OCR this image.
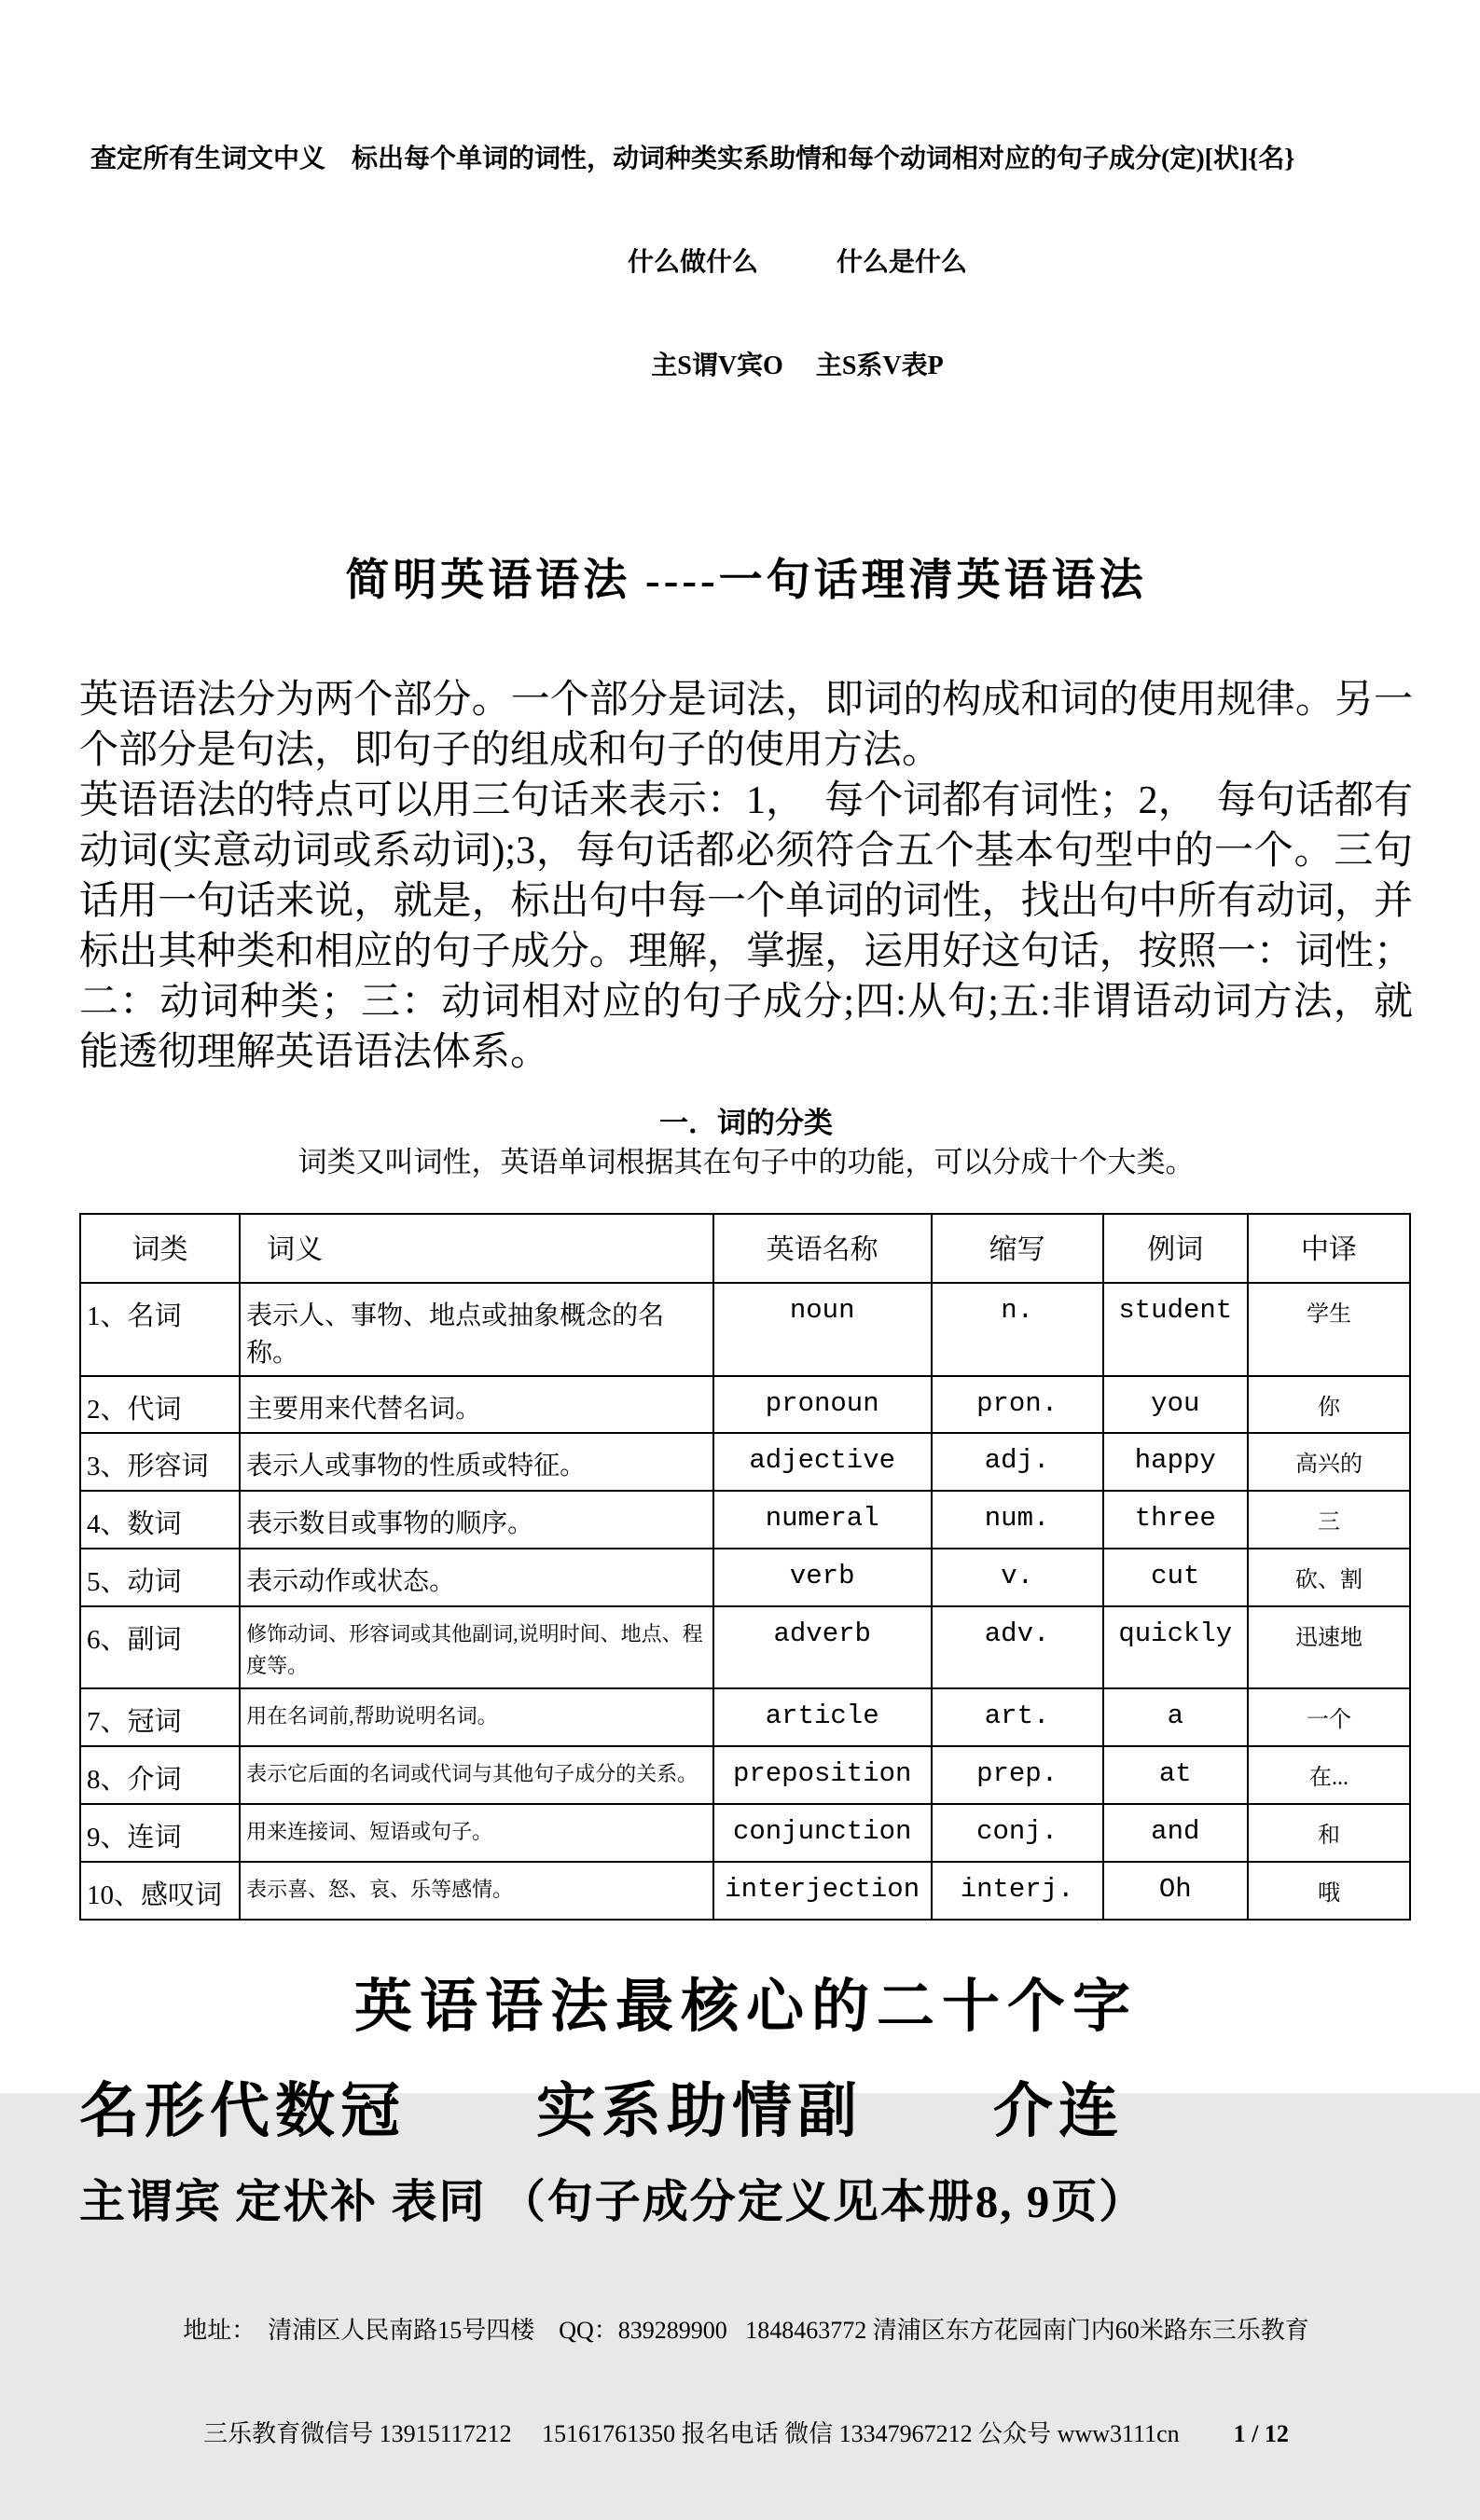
查定所有生词文中义　标出每个单词的词性，动词种类实系助情和每个动词相对应的句子成分(定)[状]{名}

什么做什么　　　什么是什么

主S谓V宾O　 主S系V表P

简明英语语法 ----一句话理清英语语法

英语语法分为两个部分。一个部分是词法，即词的构成和词的使用规律。另一个部分是句法，即句子的组成和句子的使用方法。

英语语法的特点可以用三句话来表示：1，  每个词都有词性；2，  每句话都有动词(实意动词或系动词);3，每句话都必须符合五个基本句型中的一个。三句话用一句话来说，就是，标出句中每一个单词的词性，找出句中所有动词，并标出其种类和相应的句子成分。理解，掌握，运用好这句话，按照一：词性；二：动词种类；三：动词相对应的句子成分;四:从句;五:非谓语动词方法，就能透彻理解英语语法体系。

一．词的分类
词类又叫词性，英语单词根据其在句子中的功能，可以分成十个大类。
词类	词义	英语名称	缩写	例词	中译
1、名词	表示人、事物、地点或抽象概念的名称。	noun	n.	student	学生
2、代词	主要用来代替名词。	pronoun	pron.	you	你
3、形容词	表示人或事物的性质或特征。	adjective	adj.	happy	高兴的
4、数词	表示数目或事物的顺序。	numeral	num.	three	三
5、动词	表示动作或状态。	verb	v.	cut	砍、割
6、副词	修饰动词、形容词或其他副词,说明时间、地点、程度等。	adverb	adv.	quickly	迅速地
7、冠词	用在名词前,帮助说明名词。	article	art.	a	一个
8、介词	表示它后面的名词或代词与其他句子成分的关系。	preposition	prep.	at	在...
9、连词	用来连接词、短语或句子。	conjunction	conj.	and	和
10、感叹词	表示喜、怒、哀、乐等感情。	interjection	interj.	Oh	哦
英语语法最核心的二十个字
名形代数冠　　实系助情副　　介连
主谓宾 定状补 表同 （句子成分定义见本册8, 9页）

地址：  清浦区人民南路15号四楼    QQ：839289900   1848463772 清浦区东方花园南门内60米路东三乐教育

三乐教育微信号 13915117212     15161761350 报名电话 微信 13347967212 公众号 www3111cn 1 / 12
